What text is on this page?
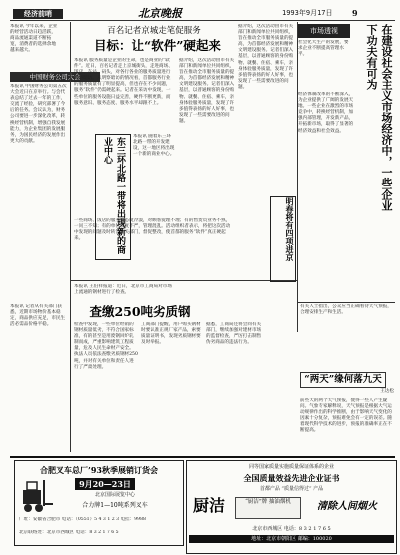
经济前哨	北京晚报	1993年9月17日	9
本报讯 今年以来，企业的经营活动日趋活跃，商品流通渠道不断拓宽，消费者的选择余地越来越大。
中国财务公司大会
本报讯 中国财务公司第五次大会近日在京举行。与会代表总结了过去一年的工作，交流了经验，研究部署了今后的任务。会议认为，财务公司要进一步深化改革，转换经营机制，增强自我发展能力，为企业集团的发展服务，为国民经济的发展作出更大的贡献。
本报讯 记者从有关部门获悉，近期市场物价基本稳定，商品供应充足，市民生活必需品价格平稳。
百名记者京城走笔促服务
目标：让“软件”硬起来
本报讯 服务质量是企业的生命，也是商业的“软件”。近日，百名记者走上京城街头，走进商场、饭店、车站、码头，对各行各业的服务质量进行明察暗访。从明察暗访的情况看，首都服务行业的服务质量有了明显提高，但也存在不少问题，服务“软件”仍需硬起来。记者在采访中发现，一些单位的服务设施日益完善，硬件不断更新，而服务意识、服务态度、服务水平却跟不上。
据介绍，这次活动由市有关部门和新闻单位共同组织，旨在推动全市服务质量的提高，为首都经济发展和精神文明建设服务。记者们深入基层，以普通顾客的身份购物、就餐、住宿、乘车，亲身体验服务质量，发现了许多值得表扬的好人好事，也发现了一些需要改进的问题。
一些商场、饭店的服务员态度冷漠，对顾客爱理不理；有的售货员业务不熟，一问三不知；有的单位制度不严，管理混乱。活动组织者表示，将把这次活动中发现的问题及时转告有关部门，督促整改，使首都的服务“软件”真正硬起来。	东三环北路一带将出现新的商业中心
本报讯 随着东三环北路一带的开发建设，这一地区将出现一个新的商业中心。
据介绍，这次活动由市有关部门和新闻单位共同组织，旨在推动全市服务质量的提高，为首都经济发展和精神文明建设服务。记者们深入基层，以普通顾客的身份购物、就餐、住宿、乘车，亲身体验服务质量，发现了许多值得表扬的好人好事，也发现了一些需要改进的问题。
市场透视
社会化大生产的发展，要求企业不断提高管理水平。	在建设社会主义市场经济中，一些企业下功夫有可为
经济体制改革的不断深入，为企业提供了广阔的发展天地。一些企业在激烈的市场竞争中，转换经营机制，加强内部管理，开发新产品，开拓新市场，取得了显著的经济效益和社会效益。
本报讯 王伯祥报道：近日，北京市工商局对市场上流通的钢材进行了检查。
明春将有四项进京
查缴250吨劣质钢
检查中发现，一些单位经销的钢材质量低劣，不符合国家标准，有的甚至是用废钢回炉轧制而成，严重影响建筑工程质量，危及人民生命财产安全。执法人员依法查缴劣质钢材250吨，并对有关单位和责任人进行了严肃处理。
工商部门提醒，用户购买钢材时要认准正规厂家产品，索要质量证明书，发现劣质钢材要及时举报。
据悉，工商局还将会同有关部门，继续加强对建材市场的监督检查，严厉打击制售伪劣商品的违法行为。
“两天”缘何落九天
王达松
有关人士指出，公众应当正确看待天气预报，合理安排生产和生活。
前些天的两个天气预报，使得一些人产生疑问。气象专家解释说，天气预报是根据大气运动规律作出的科学推断，由于影响天气变化的因素十分复杂，预报难免会有一定的误差。随着现代科学技术的进步，预报的准确率正在不断提高。
合肥叉车总厂’93秋季展销订货会
9月20—23日
北京国际展览中心
合力牌1—10吨系列叉车
厂址：安徽省合肥市 电话：（0551）5 4 3 1 2 3 电挂：9988
北京联络处：北京市西城区 电话：8 3 2 1 7 6 5
同等国家质量实施质量保证体系的企业
全国质量效益先进企业证书
首都产品 “质量信得过” 产品
厨洁	“厨洁”牌 抽油烟机	清除人间烟火
北京市西城区 电话：8 3 2 1 7 6 5
地址：北京市朝阳区 邮编：100020
